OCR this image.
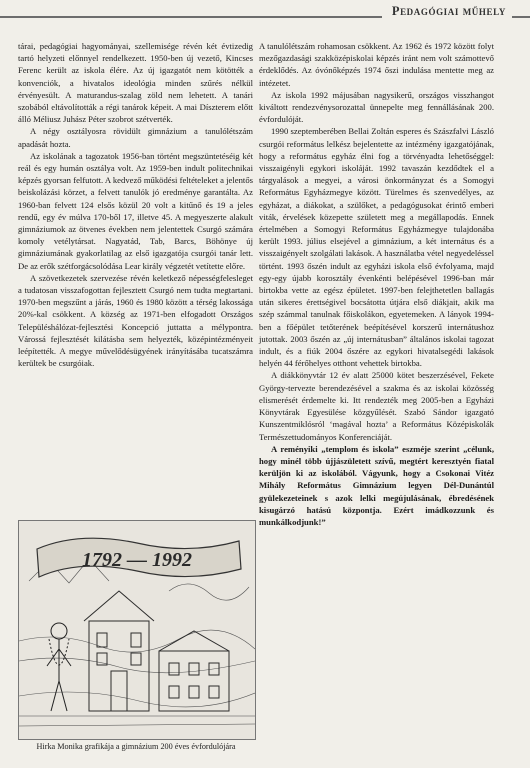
Pedagógiai műhely

tárai, pedagógiai hagyományai, szellemisége révén két évtizedig tartó helyzeti előnnyel rendelkezett. 1950-ben új vezető, Kincses Ferenc került az iskola élére. Az új igazgatót nem kötötték a konvenciók, a hivatalos ideológia minden szűrés nélkül érvényesült. A maturandus-szalag zöld nem lehetett. A tanári szobából eltávolították a régi tanárok képeit. A mai Díszterem előtt álló Méliusz Juhász Péter szobrot szétverték.

A négy osztályosra rövidült gimnázium a tanulólétszám apadását hozta.

Az iskolának a tagozatok 1956-ban történt megszüntetéséig két reál és egy humán osztálya volt. Az 1959-ben indult politechnikai képzés gyorsan felfutott. A kedvező működési feltételeket a jelentős beiskolázási körzet, a felvett tanulók jó eredménye garantálta. Az 1960-ban felvett 124 elsős közül 20 volt a kitűnő és 19 a jeles rendű, egy év múlva 170-ből 17, illetve 45. A megyeszerte alakult gimnáziumok az ötvenes években nem jelentettek Csurgó számára komoly vetélytársat. Nagyatád, Tab, Barcs, Böhönye új gimnáziumának gyakorlatilag az első igazgatója csurgói tanár lett. De az erők szétforgácsolódása Lear király végzetét vetítette előre.

A szövetkezetek szervezése révén keletkező népességfelesleget a tudatosan visszafogottan fejlesztett Csurgó nem tudta megtartani. 1970-ben megszűnt a járás, 1960 és 1980 között a térség lakossága 20%-kal csökkent. A község az 1971-ben elfogadott Országos Településhálózat-fejlesztési Koncepció juttatta a mélypontra. Várossá fejlesztését kilátásba sem helyezték, középintézményeit leépítették. A megye művelődésügyének irányításába tucatszámra kerültek be csurgóiak.

1792 — 1992
Hirka Monika grafikája a gimnázium 200 éves évfordulójára

A tanulólétszám rohamosan csökkent. Az 1962 és 1972 között folyt mezőgazdasági szakközépiskolai képzés iránt nem volt számottevő érdeklődés. Az óvónőképzés 1974 őszi indulása mentette meg az intézetet.

Az iskola 1992 májusában nagysikerű, országos visszhangot kiváltott rendezvénysorozattal ünnepelte meg fennállásának 200. évfordulóját.

1990 szeptemberében Bellai Zoltán esperes és Szászfalvi László csurgói református lelkész bejelentette az intézmény igazgatójának, hogy a református egyház élni fog a törvényadta lehetőséggel: visszaigényli egykori iskoláját. 1992 tavaszán kezdődtek el a tárgyalások a megyei, a városi önkormányzat és a Somogyi Református Egyházmegye között. Türelmes és szenvedélyes, az egyházat, a diákokat, a szülőket, a pedagógusokat érintő emberi viták, érvelések közepette született meg a megállapodás. Ennek értelmében a Somogyi Református Egyházmegye tulajdonába került 1993. július elsejével a gimnázium, a két internátus és a visszaigényelt szolgálati lakások. A használatba vétel negyedeléssel történt. 1993 őszén indult az egyházi iskola első évfolyama, majd egy-egy újabb korosztály évenkénti belépésével 1996-ban már birtokba vette az egész épületet. 1997-ben felejthetetlen ballagás után sikeres érettségivel bocsátotta útjára első diákjait, akik ma szép számmal tanulnak főiskolákon, egyetemeken. A lányok 1994-ben a főépület tetőterének beépítésével korszerű internátushoz jutottak. 2003 őszén az „új internátusban” általános iskolai tagozat indult, és a fiúk 2004 őszére az egykori hivatalsegédi lakások helyén 44 férőhelyes otthont vehettek birtokba.

A diákkönyvtár 12 év alatt 25000 kötet beszerzésével, Fekete György-tervezte berendezésével a szakma és az iskolai közösség elismerését érdemelte ki. Itt rendezték meg 2005-ben a Egyházi Könyvtárak Egyesülése közgyűlését. Szabó Sándor igazgató Kunszentmiklósról ‘magával hozta’ a Református Középiskolák Természettudományos Konferenciáját.

A reményiki „templom és iskola” eszméje szerint „célunk, hogy minél több újjászületett szívű, megtért keresztyén fiatal kerüljön ki az iskolából. Vágyunk, hogy a Csokonai Vitéz Mihály Református Gimnázium legyen Dél-Dunántúl gyülekezeteinek s azok lelki megújulásának, ébredésének kisugárzó hatású központja. Ezért imádkozzunk és munkálkodjunk!”
